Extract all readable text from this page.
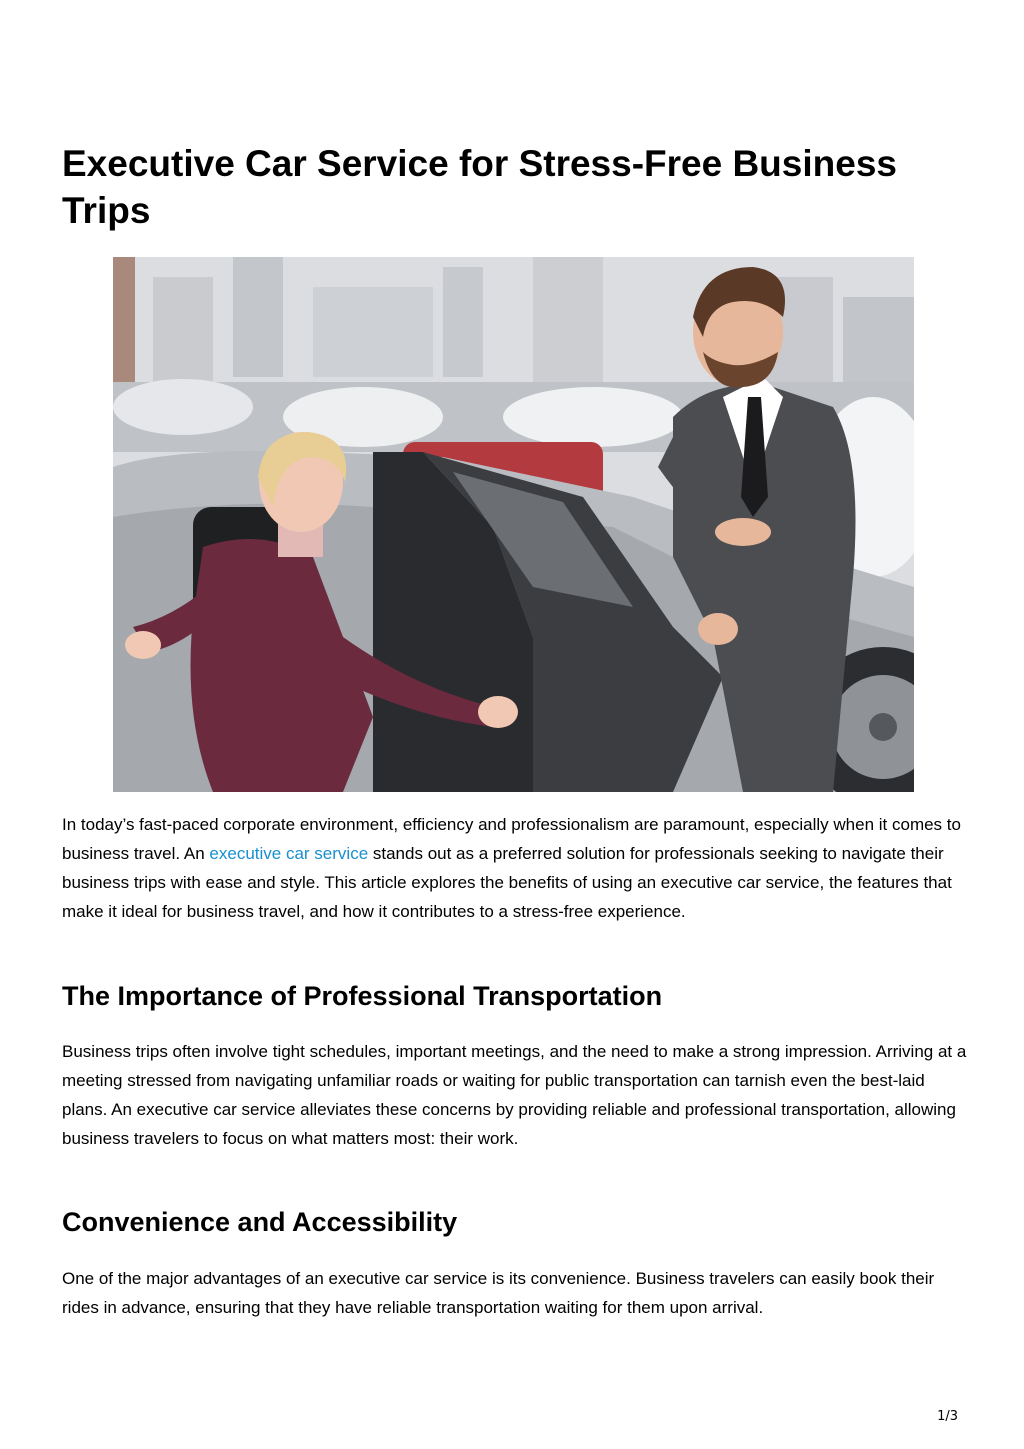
Executive Car Service for Stress-Free Business Trips

In today’s fast-paced corporate environment, efficiency and professionalism are paramount, especially when it comes to business travel. An executive car service stands out as a preferred solution for professionals seeking to navigate their business trips with ease and style. This article explores the benefits of using an executive car service, the features that make it ideal for business travel, and how it contributes to a stress-free experience.

The Importance of Professional Transportation

Business trips often involve tight schedules, important meetings, and the need to make a strong impression. Arriving at a meeting stressed from navigating unfamiliar roads or waiting for public transportation can tarnish even the best-laid plans. An executive car service alleviates these concerns by providing reliable and professional transportation, allowing business travelers to focus on what matters most: their work.

Convenience and Accessibility

One of the major advantages of an executive car service is its convenience. Business travelers can easily book their rides in advance, ensuring that they have reliable transportation waiting for them upon arrival.

1/3
